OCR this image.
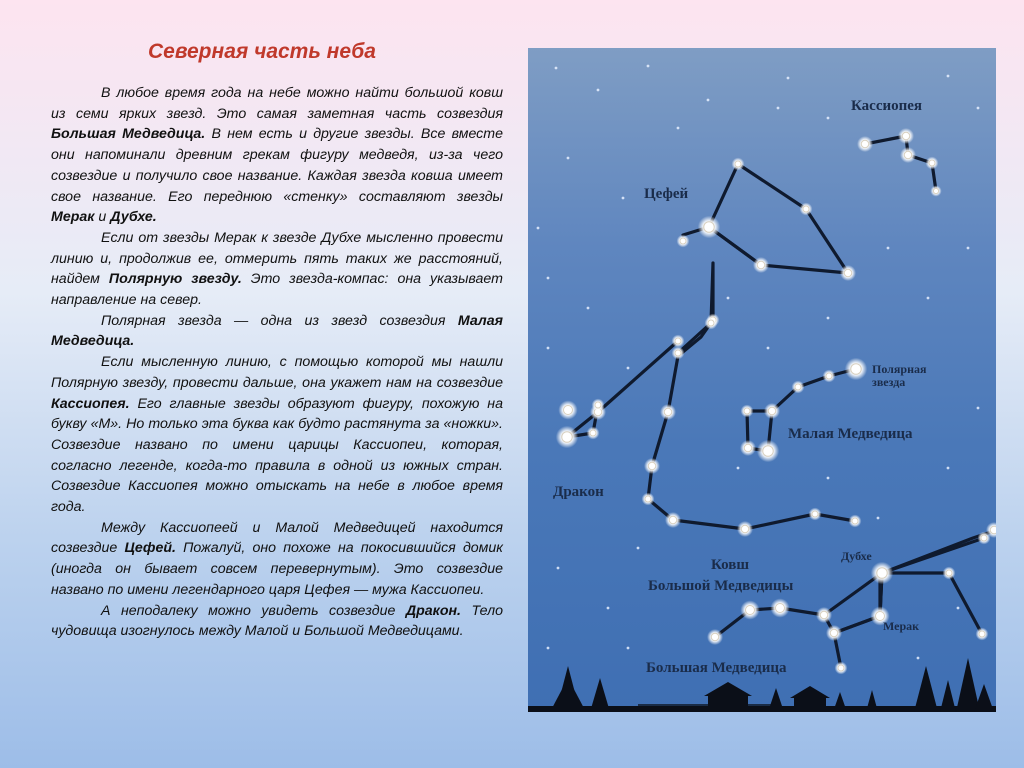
Северная часть неба

В любое время года на небе можно найти большой ковш из семи ярких звезд. Это самая заметная часть созвездия Большая Медведица. В нем есть и другие звезды. Все вместе они напоминали древним грекам фигуру медведя, из-за чего созвездие и получило свое название. Каждая звезда ковша имеет свое название. Его переднюю «стенку» составляют звезды Мерак и Дубхе.

Если от звезды Мерак к звезде Дубхе мысленно провести линию и, продолжив ее, отмерить пять таких же расстояний, найдем Полярную звезду. Это звезда-компас: она указывает направление на север.

Полярная звезда — одна из звезд созвездия Малая Медведица.

Если мысленную линию, с помощью которой мы нашли Полярную звезду, провести дальше, она укажет нам на созвездие Кассиопея. Его главные звезды образуют фигуру, похожую на букву «М». Но только эта буква как будто растянута за «ножки». Созвездие названо по имени царицы Кассиопеи, которая, согласно легенде, когда-то правила в одной из южных стран. Созвездие Кассиопея можно отыскать на небе в любое время года.

Между Кассиопеей и Малой Медведицей находится созвездие Цефей. Пожалуй, оно похоже на покосившийся домик (иногда он бывает совсем перевернутым). Это созвездие названо по имени легендарного царя Цефея — мужа Кассиопеи.

А неподалеку можно увидеть созвездие Дракон. Тело чудовища изогнулось между Малой и Большой Медведицами.

Кассиопея
Цефей
Полярная
звезда
Малая Медведица
Дракон
Ковш
Большой Медведицы
Дубхе
Мерак
Большая Медведица
